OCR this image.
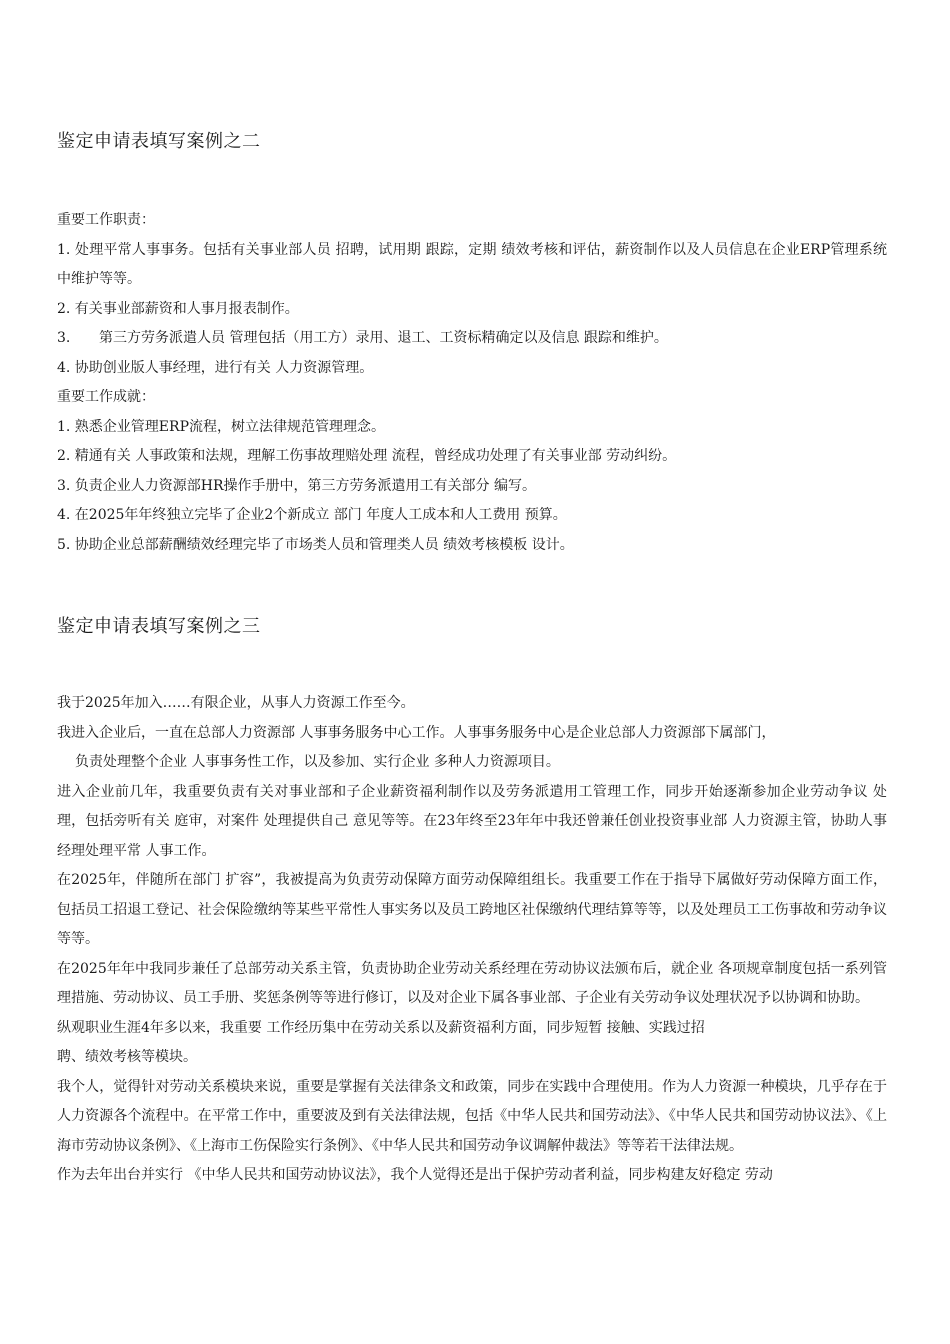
鉴定申请表填写案例之二

重要工作职责：

1. 处理平常人事事务。包括有关事业部人员 招聘，试用期 跟踪，定期 绩效考核和评估，薪资制作以及人员信息在企业ERP管理系统中维护等等。

2. 有关事业部薪资和人事月报表制作。

3. 第三方劳务派遣人员 管理包括（用工方）录用、退工、工资标精确定以及信息 跟踪和维护。

4. 协助创业版人事经理，进行有关 人力资源管理。

重要工作成就：

1. 熟悉企业管理ERP流程，树立法律规范管理理念。

2. 精通有关 人事政策和法规，理解工伤事故理赔处理 流程，曾经成功处理了有关事业部 劳动纠纷。

3. 负责企业人力资源部HR操作手册中，第三方劳务派遣用工有关部分 编写。

4. 在2025年年终独立完毕了企业2个新成立 部门 年度人工成本和人工费用 预算。

5. 协助企业总部薪酬绩效经理完毕了市场类人员和管理类人员 绩效考核模板 设计。

鉴定申请表填写案例之三

我于2025年加入……有限企业，从事人力资源工作至今。

我进入企业后，一直在总部人力资源部 人事事务服务中心工作。人事事务服务中心是企业总部人力资源部下属部门，

负责处理整个企业 人事事务性工作，以及参加、实行企业 多种人力资源项目。

进入企业前几年，我重要负责有关对事业部和子企业薪资福利制作以及劳务派遣用工管理工作，同步开始逐渐参加企业劳动争议 处理，包括旁听有关 庭审，对案件 处理提供自己 意见等等。在23年终至23年年中我还曾兼任创业投资事业部 人力资源主管，协助人事经理处理平常 人事工作。

在2025年，伴随所在部门 扩容”，我被提高为负责劳动保障方面劳动保障组组长。我重要工作在于指导下属做好劳动保障方面工作，包括员工招退工登记、社会保险缴纳等某些平常性人事实务以及员工跨地区社保缴纳代理结算等等，以及处理员工工伤事故和劳动争议等等。

在2025年年中我同步兼任了总部劳动关系主管，负责协助企业劳动关系经理在劳动协议法颁布后，就企业 各项规章制度包括一系列管理措施、劳动协议、员工手册、奖惩条例等等进行修订，以及对企业下属各事业部、子企业有关劳动争议处理状况予以协调和协助。

纵观职业生涯4年多以来，我重要 工作经历集中在劳动关系以及薪资福利方面，同步短暂 接触、实践过招

聘、绩效考核等模块。

我个人，觉得针对劳动关系模块来说，重要是掌握有关法律条文和政策，同步在实践中合理使用。作为人力资源一种模块，几乎存在于人力资源各个流程中。在平常工作中，重要波及到有关法律法规，包括《中华人民共和国劳动法》、《中华人民共和国劳动协议法》、《上海市劳动协议条例》、《上海市工伤保险实行条例》、《中华人民共和国劳动争议调解仲裁法》等等若干法律法规。

作为去年出台并实行 《中华人民共和国劳动协议法》，我个人觉得还是出于保护劳动者利益，同步构建友好稳定 劳动
